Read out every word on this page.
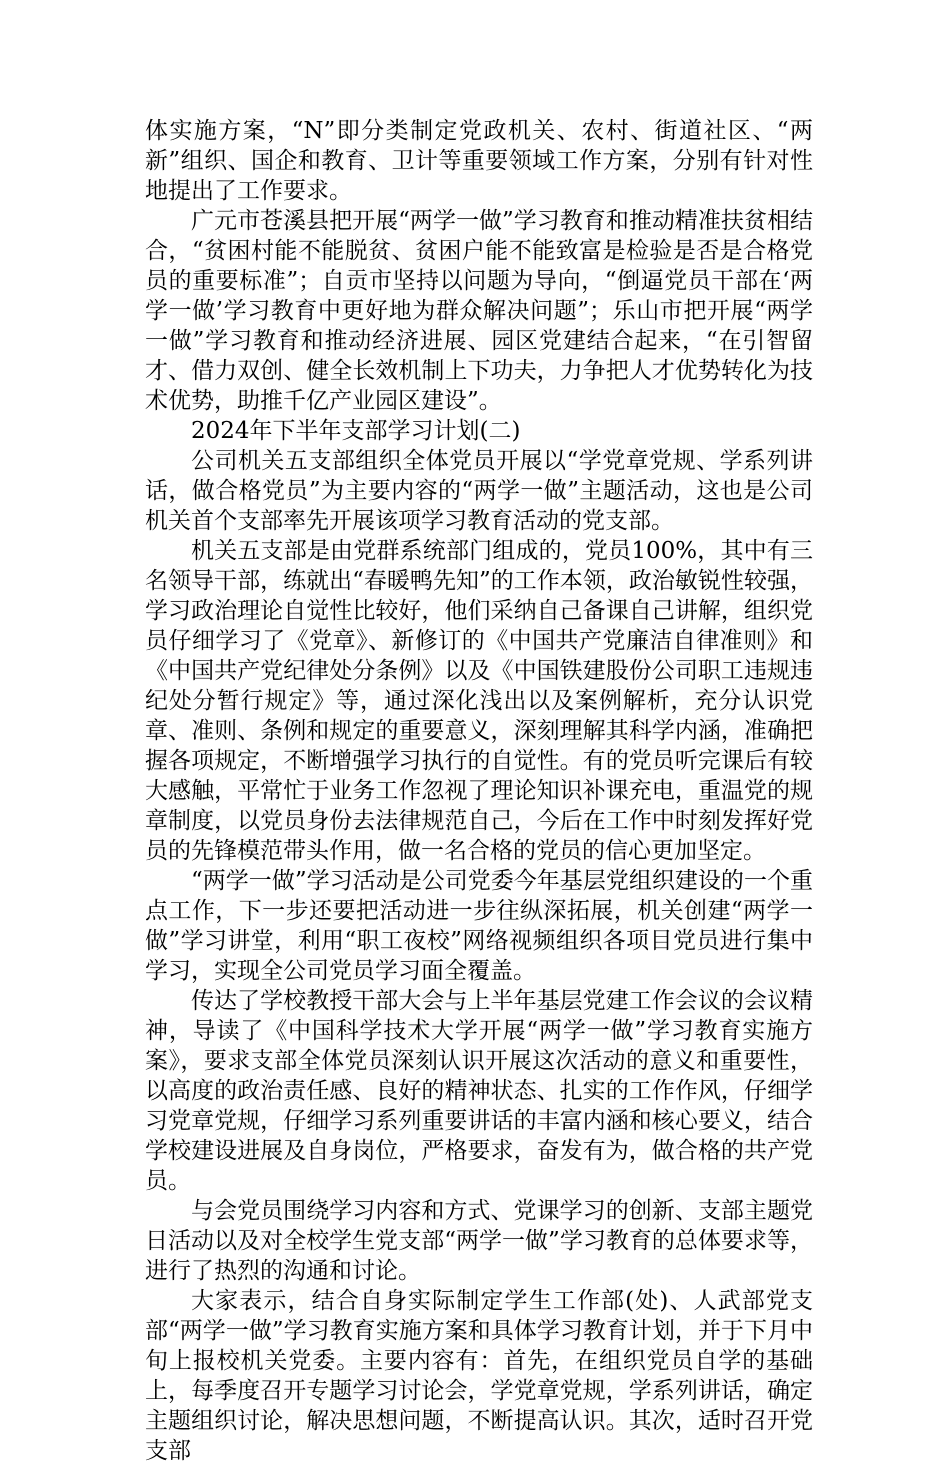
体实施方案，“N”即分类制定党政机关、农村、街道社区、“两新”组织、国企和教育、卫计等重要领域工作方案，分别有针对性地提出了工作要求。

广元市苍溪县把开展“两学一做”学习教育和推动精准扶贫相结合，“贫困村能不能脱贫、贫困户能不能致富是检验是否是合格党员的重要标准”；自贡市坚持以问题为导向，“倒逼党员干部在‘两学一做’学习教育中更好地为群众解决问题”；乐山市把开展“两学一做”学习教育和推动经济进展、园区党建结合起来，“在引智留才、借力双创、健全长效机制上下功夫，力争把人才优势转化为技术优势，助推千亿产业园区建设”。

2024年下半年支部学习计划(二)

公司机关五支部组织全体党员开展以“学党章党规、学系列讲话，做合格党员”为主要内容的“两学一做”主题活动，这也是公司机关首个支部率先开展该项学习教育活动的党支部。

机关五支部是由党群系统部门组成的，党员100%，其中有三名领导干部，练就出“春暖鸭先知”的工作本领，政治敏锐性较强，学习政治理论自觉性比较好，他们采纳自己备课自己讲解，组织党员仔细学习了《党章》、新修订的《中国共产党廉洁自律准则》和《中国共产党纪律处分条例》以及《中国铁建股份公司职工违规违纪处分暂行规定》等，通过深化浅出以及案例解析，充分认识党章、准则、条例和规定的重要意义，深刻理解其科学内涵，准确把握各项规定，不断增强学习执行的自觉性。有的党员听完课后有较大感触，平常忙于业务工作忽视了理论知识补课充电，重温党的规章制度，以党员身份去法律规范自己，今后在工作中时刻发挥好党员的先锋模范带头作用，做一名合格的党员的信心更加坚定。

“两学一做”学习活动是公司党委今年基层党组织建设的一个重点工作，下一步还要把活动进一步往纵深拓展，机关创建“两学一做”学习讲堂，利用“职工夜校”网络视频组织各项目党员进行集中学习，实现全公司党员学习面全覆盖。

传达了学校教授干部大会与上半年基层党建工作会议的会议精神，导读了《中国科学技术大学开展“两学一做”学习教育实施方案》，要求支部全体党员深刻认识开展这次活动的意义和重要性，以高度的政治责任感、良好的精神状态、扎实的工作作风，仔细学习党章党规，仔细学习系列重要讲话的丰富内涵和核心要义，结合学校建设进展及自身岗位，严格要求，奋发有为，做合格的共产党员。

与会党员围绕学习内容和方式、党课学习的创新、支部主题党日活动以及对全校学生党支部“两学一做”学习教育的总体要求等，进行了热烈的沟通和讨论。

大家表示，结合自身实际制定学生工作部(处)、人武部党支部“两学一做”学习教育实施方案和具体学习教育计划，并于下月中旬上报校机关党委。主要内容有：首先，在组织党员自学的基础上，每季度召开专题学习讨论会，学党章党规，学系列讲话，确定主题组织讨论，解决思想问题，不断提高认识。其次，适时召开党支部
